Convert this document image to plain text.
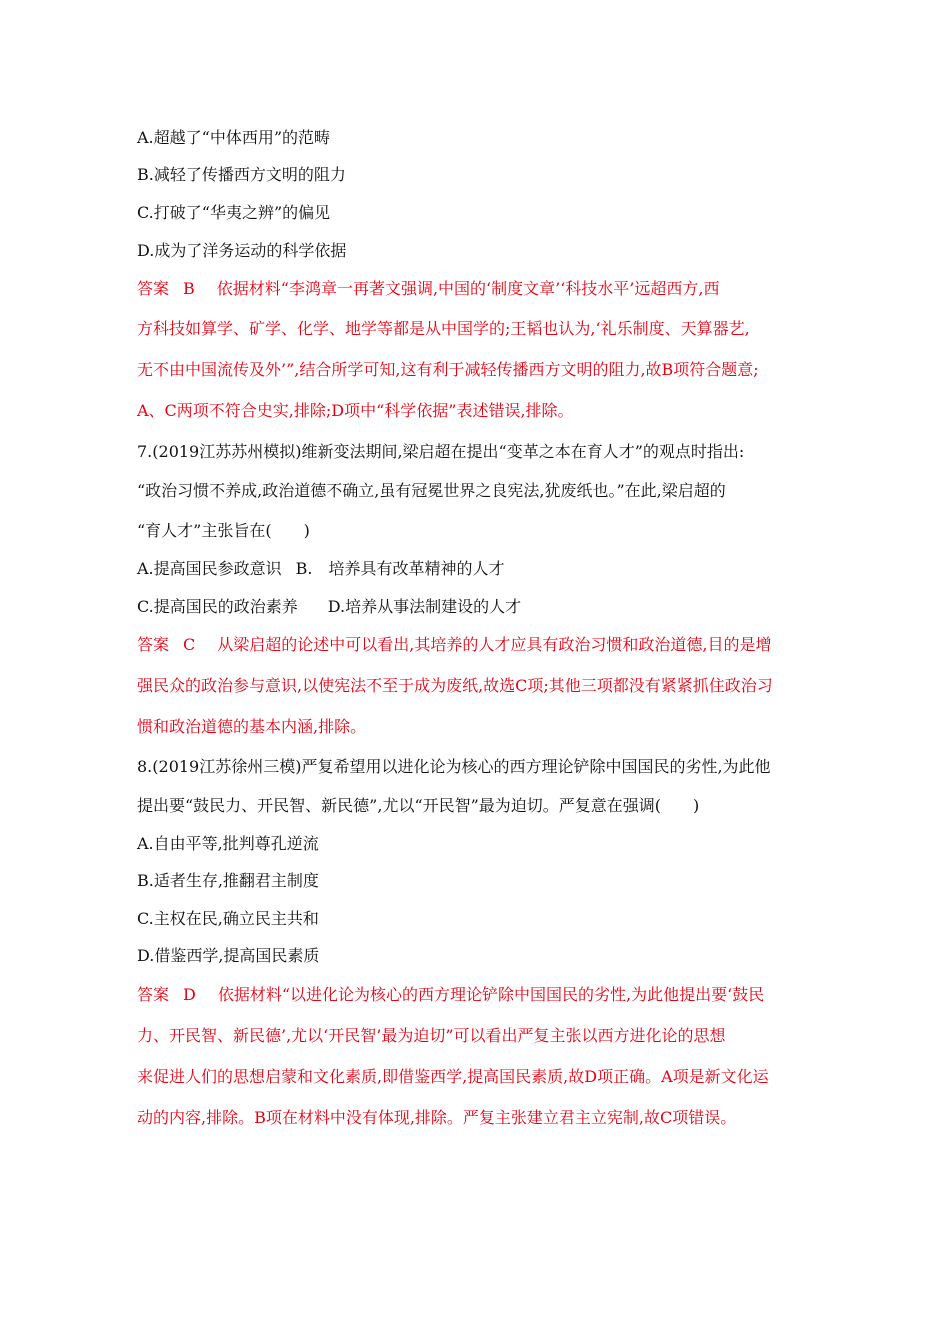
A.超越了“中体西用”的范畴
B.减轻了传播西方文明的阻力
C.打破了“华夷之辨”的偏见
D.成为了洋务运动的科学依据
答案 B 依据材料“李鸿章一再著文强调,中国的‘制度文章’‘科技水平’远超西方,西
方科技如算学、矿学、化学、地学等都是从中国学的;王韬也认为,‘礼乐制度、天算器艺,
无不由中国流传及外’”,结合所学可知,这有利于减轻传播西方文明的阻力,故B项符合题意;
A、C两项不符合史实,排除;D项中“科学依据”表述错误,排除。
7.(2019江苏苏州模拟)维新变法期间,梁启超在提出“变革之本在育人才”的观点时指出:
“政治习惯不养成,政治道德不确立,虽有冠冕世界之良宪法,犹废纸也。”在此,梁启超的
“育人才”主张旨在(　　)
A.提高国民参政意识 B.　培养具有改革精神的人才
C.提高国民的政治素养 D.培养从事法制建设的人才
答案 C 从梁启超的论述中可以看出,其培养的人才应具有政治习惯和政治道德,目的是增
强民众的政治参与意识,以使宪法不至于成为废纸,故选C项;其他三项都没有紧紧抓住政治习
惯和政治道德的基本内涵,排除。
8.(2019江苏徐州三模)严复希望用以进化论为核心的西方理论铲除中国国民的劣性,为此他
提出要“鼓民力、开民智、新民德”,尤以“开民智”最为迫切。严复意在强调(　　)
A.自由平等,批判尊孔逆流
B.适者生存,推翻君主制度
C.主权在民,确立民主共和
D.借鉴西学,提高国民素质
答案 D 依据材料“以进化论为核心的西方理论铲除中国国民的劣性,为此他提出要‘鼓民
力、开民智、新民德’,尤以‘开民智’最为迫切”可以看出严复主张以西方进化论的思想
来促进人们的思想启蒙和文化素质,即借鉴西学,提高国民素质,故D项正确。A项是新文化运
动的内容,排除。B项在材料中没有体现,排除。严复主张建立君主立宪制,故C项错误。
